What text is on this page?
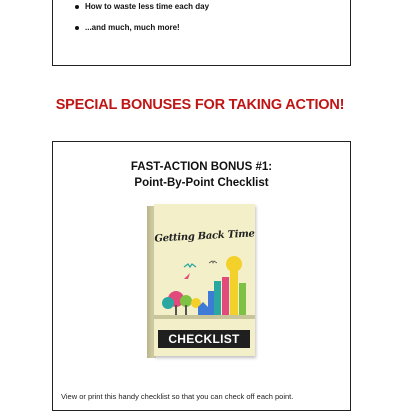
How to waste less time each day
...and much, much more!
SPECIAL BONUSES FOR TAKING ACTION!
FAST-ACTION BONUS #1:
Point-By-Point Checklist
Getting Back Time
CHECKLIST
View or print this handy checklist so that you can check off each point.
